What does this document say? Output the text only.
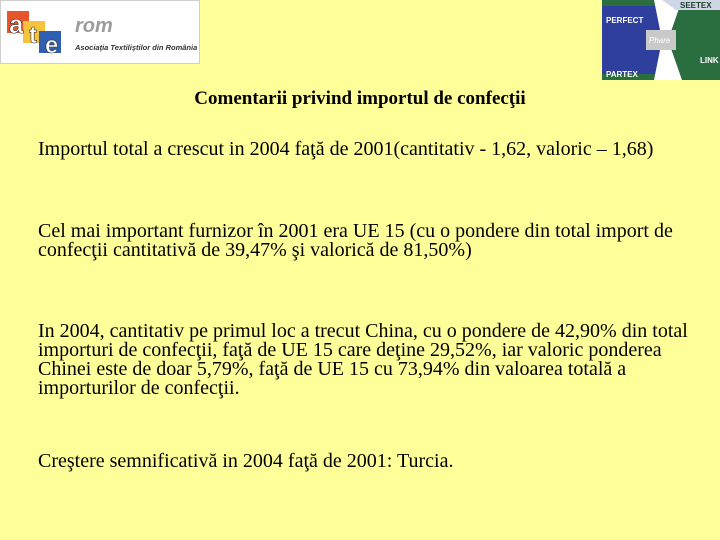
a t e
rom
Asociaţia Textiliştilor din România
SEETEX
PERFECT
Phare
LINK
PARTEX
Comentarii privind importul de confecţii

Importul total a crescut in 2004 faţă de 2001(cantitativ - 1,62, valoric – 1,68)

Cel mai important furnizor în 2001 era UE 15 (cu o pondere din total import de confecţii cantitativă de 39,47% şi valorică de 81,50%)

In 2004, cantitativ pe primul loc a trecut China, cu o pondere de 42,90% din total importuri de confecţii, faţă de UE 15 care deţine 29,52%, iar valoric ponderea Chinei este de doar 5,79%, faţă de UE 15 cu 73,94% din valoarea totală a importurilor de confecţii.

Creştere semnificativă in 2004 faţă de 2001: Turcia.
